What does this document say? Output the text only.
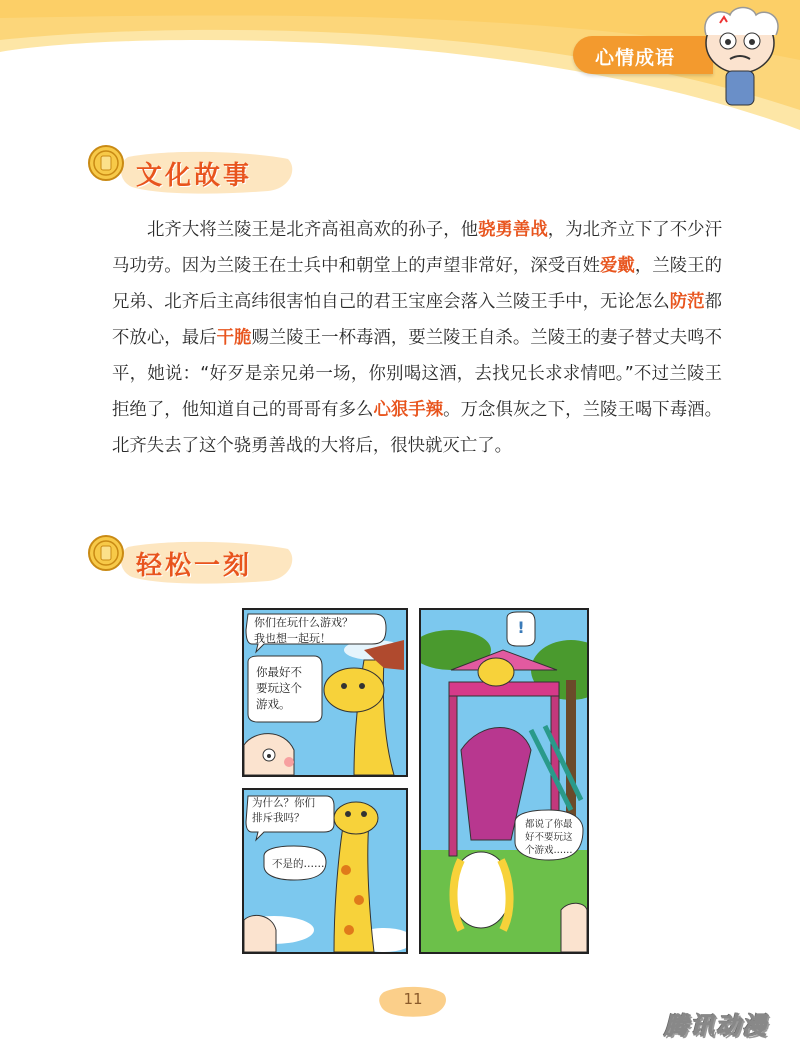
心情成语
文化故事

北齐大将兰陵王是北齐高祖高欢的孙子，他骁勇善战，为北齐立下了不少汗马功劳。因为兰陵王在士兵中和朝堂上的声望非常好，深受百姓爱戴，兰陵王的兄弟、北齐后主高纬很害怕自己的君王宝座会落入兰陵王手中，无论怎么防范都不放心，最后干脆赐兰陵王一杯毒酒，要兰陵王自杀。兰陵王的妻子替丈夫鸣不平，她说：“好歹是亲兄弟一场，你别喝这酒，去找兄长求求情吧。”不过兰陵王拒绝了，他知道自己的哥哥有多么心狠手辣。万念俱灰之下，兰陵王喝下毒酒。北齐失去了这个骁勇善战的大将后，很快就灭亡了。

轻松一刻
你们在玩什么游戏？
我也想一起玩！
你最好不
要玩这个
游戏。
为什么？你们
排斥我吗？
不是的……
!
都说了你最
好不要玩这
个游戏……
11
腾讯动漫
